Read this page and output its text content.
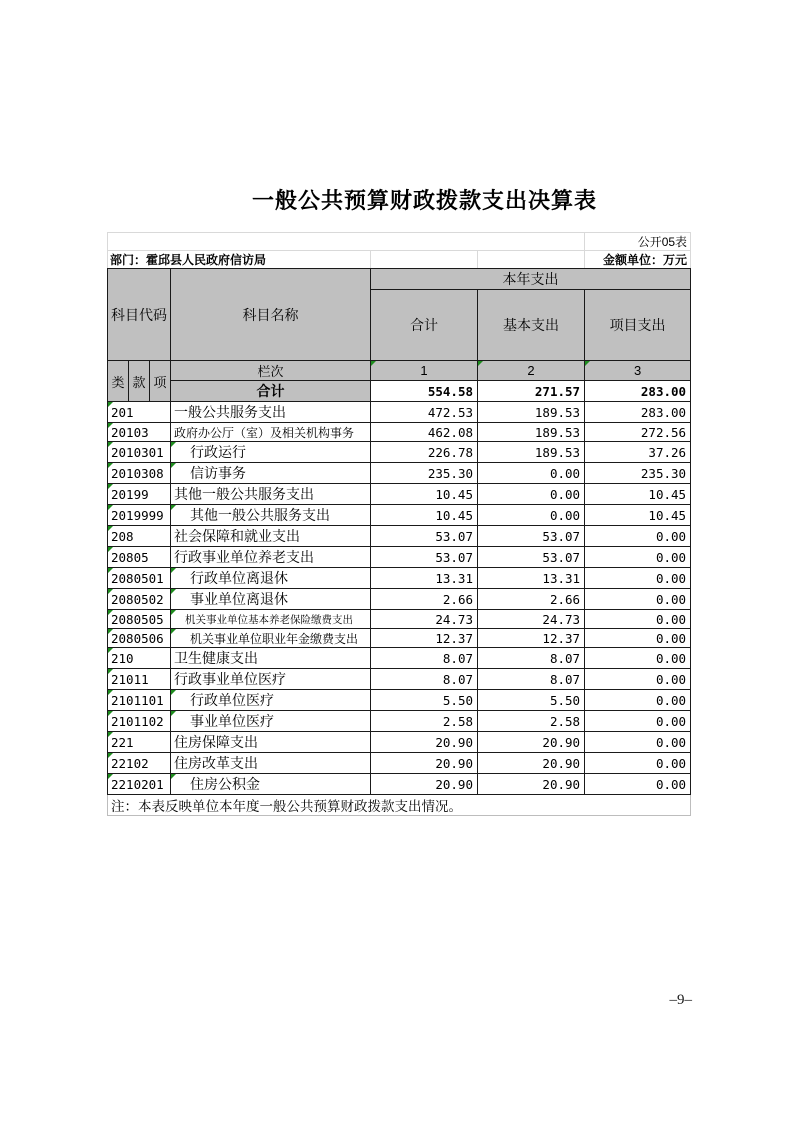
一般公共预算财政拨款支出决算表
						公开05表
部门：霍邱县人民政府信访局						金额单位：万元
科目代码			科目名称	本年支出		
				合计	基本支出	项目支出
类	款	项	栏次	1	2	3
			合计	554.58	271.57	283.00

201			一般公共服务支出	472.53	189.53	283.00

20103			政府办公厅（室）及相关机构事务	462.08	189.53	272.56

2010301			行政运行	226.78	189.53	37.26

2010308			信访事务	235.30	0.00	235.30

20199			其他一般公共服务支出	10.45	0.00	10.45

2019999			其他一般公共服务支出	10.45	0.00	10.45

208			社会保障和就业支出	53.07	53.07	0.00

20805			行政事业单位养老支出	53.07	53.07	0.00

2080501			行政单位离退休	13.31	13.31	0.00

2080502			事业单位离退休	2.66	2.66	0.00

2080505			机关事业单位基本养老保险缴费支出	24.73	24.73	0.00

2080506			机关事业单位职业年金缴费支出	12.37	12.37	0.00

210			卫生健康支出	8.07	8.07	0.00

21011			行政事业单位医疗	8.07	8.07	0.00

2101101			行政单位医疗	5.50	5.50	0.00

2101102			事业单位医疗	2.58	2.58	0.00

221			住房保障支出	20.90	20.90	0.00

22102			住房改革支出	20.90	20.90	0.00

2210201			住房公积金	20.90	20.90	0.00
注：本表反映单位本年度一般公共预算财政拨款支出情况。						
–9–
